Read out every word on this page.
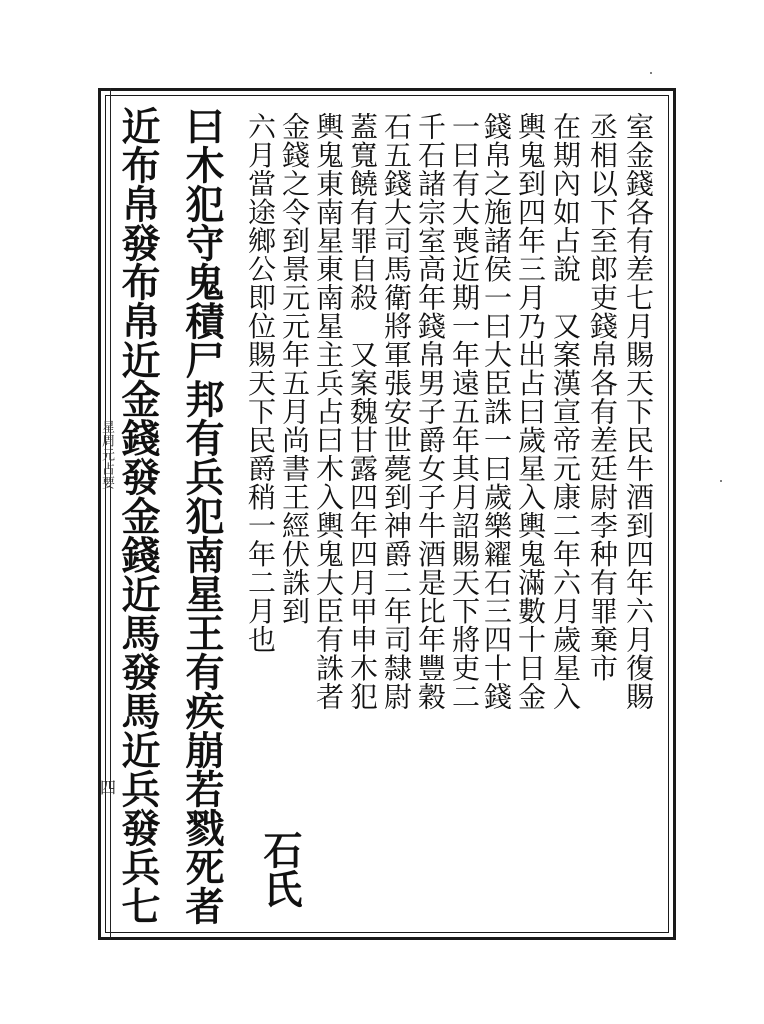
星周元占要
四
室金錢各有差七月賜天下民牛酒到四年六月復賜
丞相以下至郎吏錢帛各有差廷尉李种有罪棄市
在期內如占說　又案漢宣帝元康二年六月歲星入
輿鬼到四年三月乃出占曰歲星入輿鬼滿數十日金
錢帛之施諸侯一曰大臣誅一曰歲樂糴石三四十錢
一曰有大喪近期一年遠五年其月詔賜天下將吏二
千石諸宗室高年錢帛男子爵女子牛酒是比年豐穀
石五錢大司馬衛將軍張安世薨到神爵二年司隸尉
蓋寬饒有罪自殺　又案魏甘露四年四月甲申木犯
輿鬼東南星東南星主兵占曰木入輿鬼大臣有誅者
金錢之令到景元元年五月尚書王經伏誅到
六月當途鄉公即位賜天下民爵稍一年二月也
石氏
曰木犯守鬼積尸邦有兵犯南星王有疾崩若戮死者
近布帛發布帛近金錢發金錢近馬發馬近兵發兵七
